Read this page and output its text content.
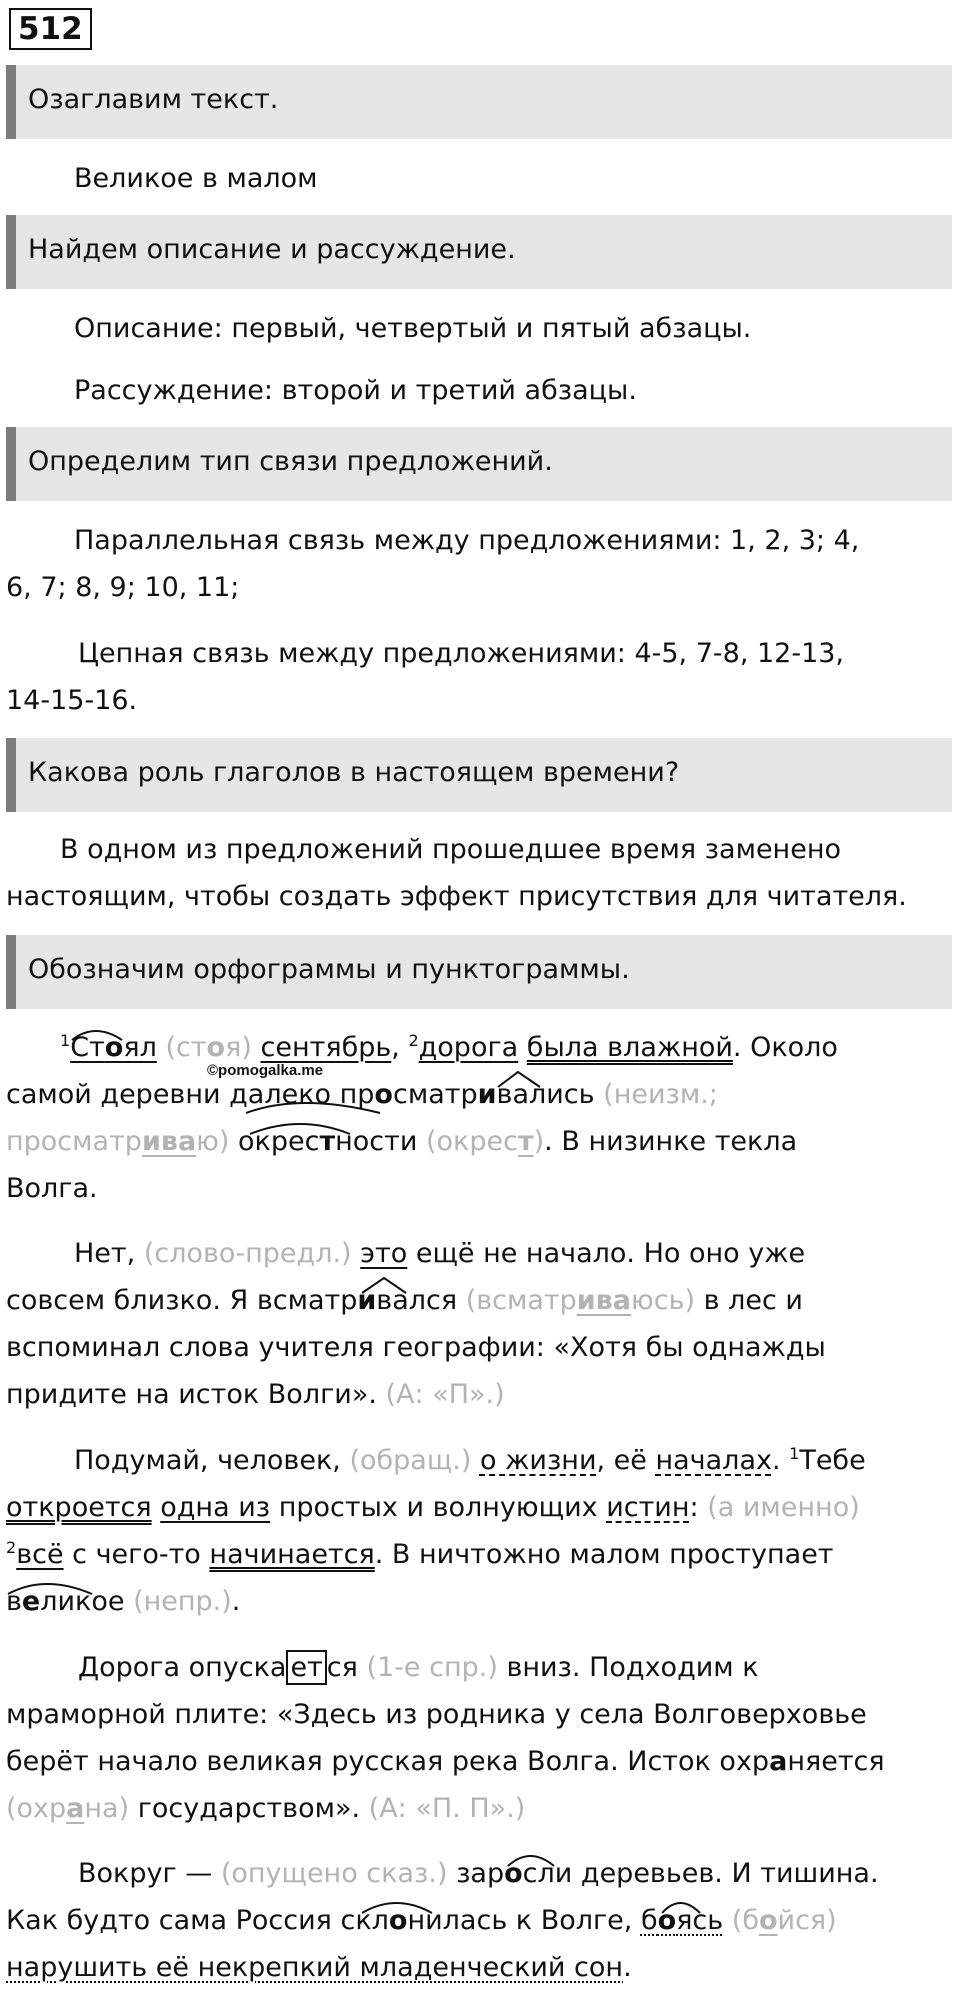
512
Озаглавим текст.
Великое в малом
Найдем описание и рассуждение.
Описание: первый, четвертый и пятый абзацы.
Рассуждение: второй и третий абзацы.
Определим тип связи предложений.
Параллельная связь между предложениями: 1, 2, 3; 4,
6, 7; 8, 9; 10, 11;
Цепная связь между предложениями: 4-5, 7-8, 12-13,
14-15-16.
Какова роль глаголов в настоящем времени?
В одном из предложений прошедшее время заменено
настоящим, чтобы создать эффект присутствия для читателя.
Обозначим орфограммы и пунктограммы.
$^1$Стоял (стоя) сентябрь, $^2$дорога была влажной. Около
©pomogalka.me
самой деревни далеко просматривались (неизм.;
просматриваю) окрестности (окрест). В низинке текла
Волга.
Нет, (слово-предл.) это ещё не начало. Но оно уже
совсем близко. Я всматривался (всматриваюсь) в лес и
вспоминал слова учителя географии: «Хотя бы однажды
придите на исток Волги». (А: «П».)
Подумай, человек, (обращ.) о жизни, её началах. $^1$Тебе
откроется одна из простых и волнующих истин: (а именно)
$^2$всё с чего-то начинается. В ничтожно малом проступает
великое (непр.).
Дорога опуска ет ся (1-е спр.) вниз. Подходим к
мраморной плите: «Здесь из родника у села Волговерховье
берёт начало великая русская река Волга. Исток охраняется
(охрана) государством». (А: «П. П».)
Вокруг — (опущено сказ.) заросли деревьев. И тишина.
Как будто сама Россия склонилась к Волге, боясь (бойся)
нарушить её некрепкий младенческий сон.
